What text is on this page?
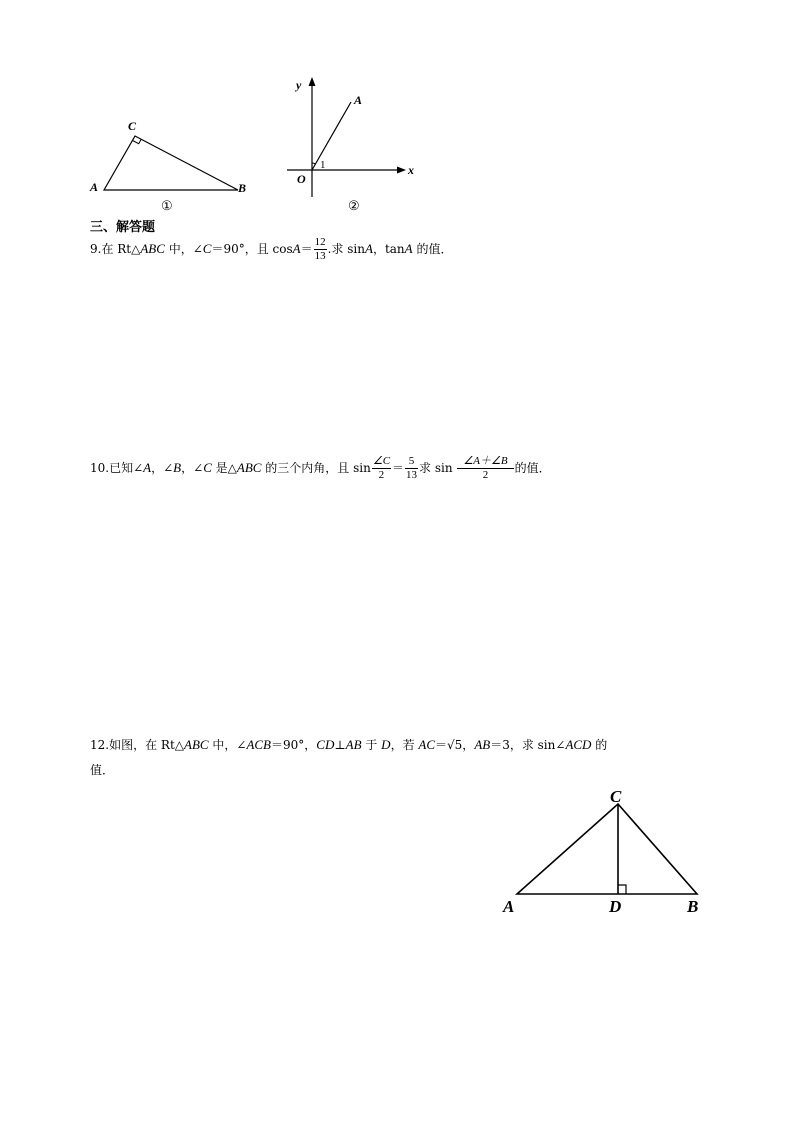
A	B
C
①
y
x
O
A
1
②
三、解答题
9.在 Rt△ABC 中，∠C＝90°，且 $\cos A= \frac{12}{13}$ .求 sinA，tanA 的值．
10.已知∠A，∠B，∠C 是△ABC 的三个内角，且 $\sin \frac{\angle C}{2} = \frac{5}{13}$ 求 $\sin \frac{\angle A+\angle B}{2}$ 的值．
12.如图，在 Rt△ABC 中，∠ACB＝90°，CD⊥AB 于 D，若 AC＝√5，AB＝3，求 sin∠ACD 的
值．
A	B
C
D
